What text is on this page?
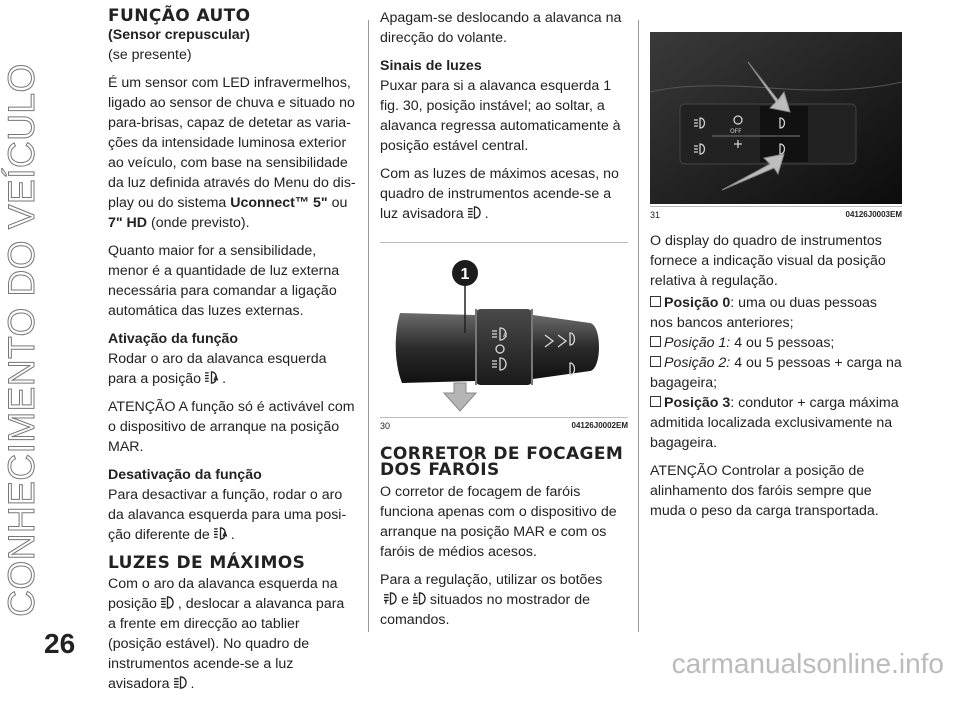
CONHECIMENTO DO VEÍCULO
FUNÇÃO AUTO
(Sensor crepuscular)

(se presente)

É um sensor com LED infravermelhos, ligado ao sensor de chuva e situado no para-brisas, capaz de detetar as varia-ções da intensidade luminosa exterior ao veículo, com base na sensibilidade da luz definida através do Menu do dis-play ou do sistema Uconnect™ 5" ou 7" HD (onde previsto).

Quanto maior for a sensibilidade, menor é a quantidade de luz externa necessária para comandar a ligação automática das luzes externas.

Ativação da função

Rodar o aro da alavanca esquerda para a posição .

ATENÇÃO A função só é activável com o dispositivo de arranque na posição MAR.

Desativação da função

Para desactivar a função, rodar o aro da alavanca esquerda para uma posi-ção diferente de .

LUZES DE MÁXIMOS

Com o aro da alavanca esquerda na posição , deslocar a alavanca para a frente em direcção ao tablier (posição estável). No quadro de instrumentos acende-se a luz avisadora .

Apagam-se deslocando a alavanca na direcção do volante.

Sinais de luzes

Puxar para si a alavanca esquerda 1 fig. 30, posição instável; ao soltar, a alavanca regressa automaticamente à posição estável central.

Com as luzes de máximos acesas, no quadro de instrumentos acende-se a luz avisadora .

A
1
30	04126J0002EM
CORRETOR DE FOCAGEM DOS FARÓIS

O corretor de focagem de faróis funciona apenas com o dispositivo de arranque na posição MAR e com os faróis de médios acesos.

Para a regulação, utilizar os botões
e situados no mostrador de comandos.

OFF
31	04126J0003EM

O display do quadro de instrumentos fornece a indicação visual da posição relativa à regulação.

Posição 0: uma ou duas pessoas nos bancos anteriores;
Posição 1: 4 ou 5 pessoas;
Posição 2: 4 ou 5 pessoas + carga na bagageira;
Posição 3: condutor + carga máxima admitida localizada exclusivamente na bagageira.

ATENÇÃO Controlar a posição de alinhamento dos faróis sempre que muda o peso da carga transportada.

26
carmanualsonline.info
